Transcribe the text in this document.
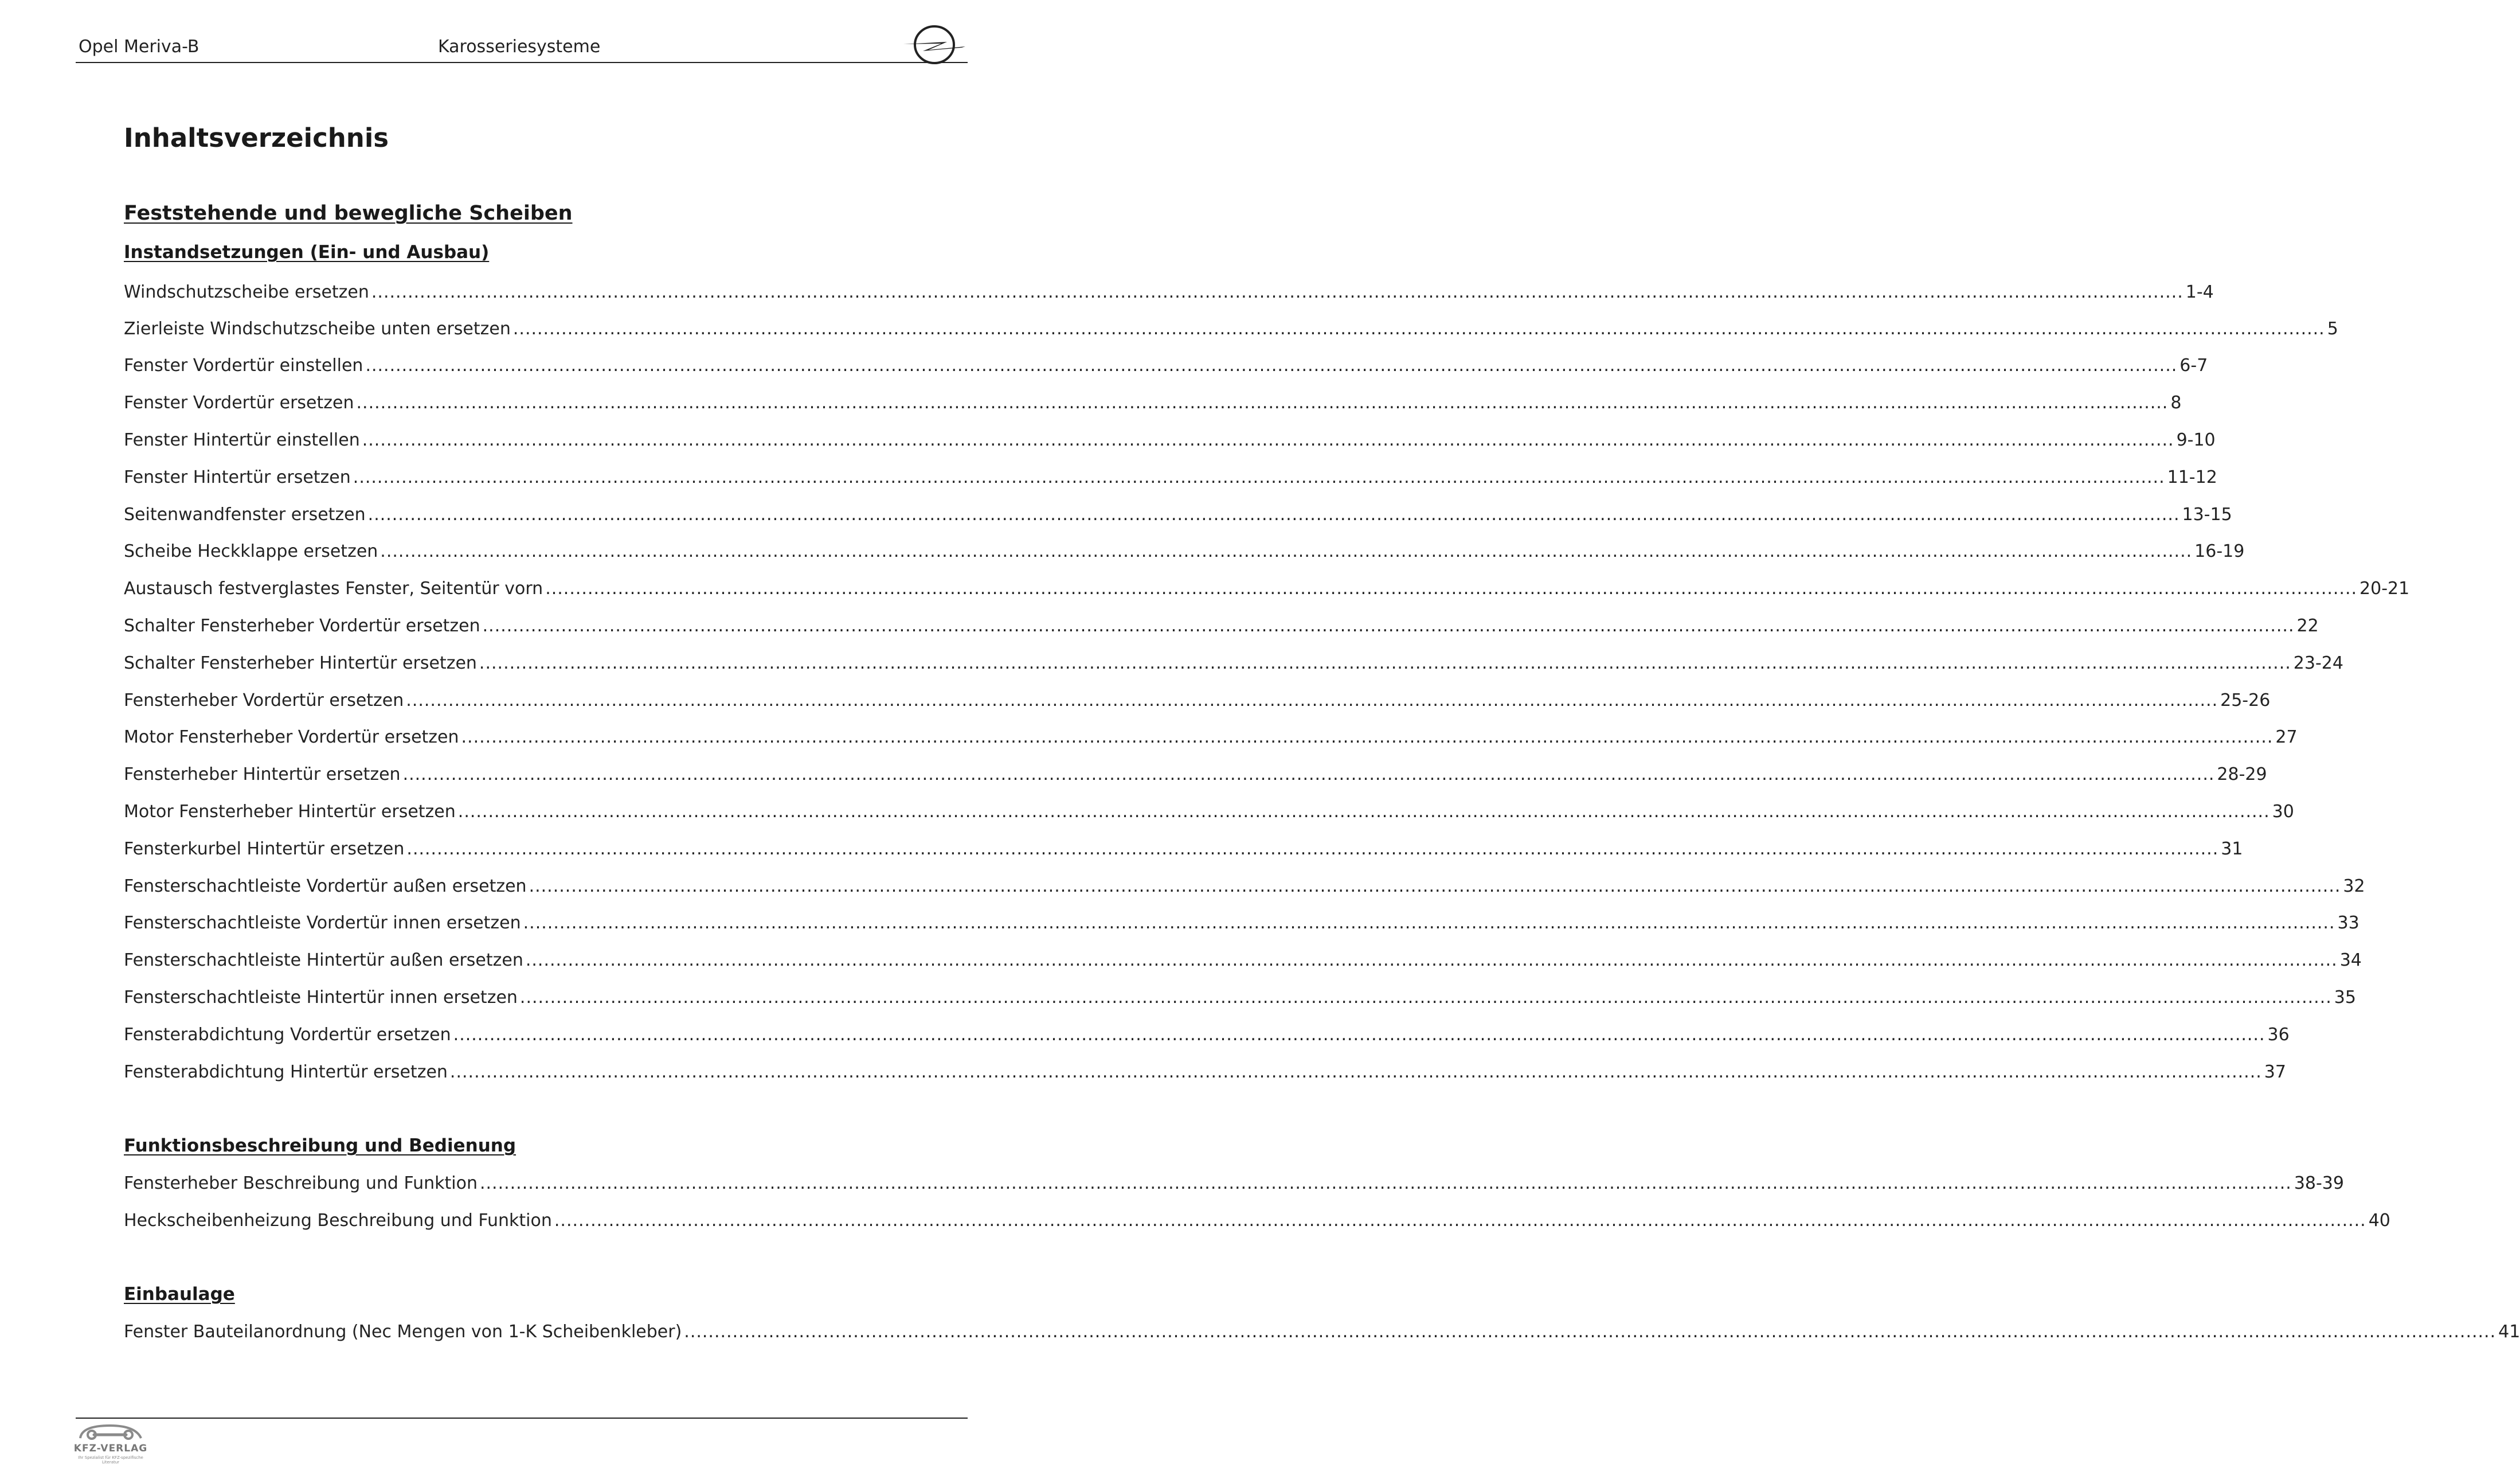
Opel Meriva-B	Karosseriesysteme
Inhaltsverzeichnis
Feststehende und bewegliche Scheiben
Instandsetzungen (Ein- und Ausbau)
Windschutzscheibe ersetzen ............................................................................................................................................................................................................................................................................................................ 1-4
Zierleiste Windschutzscheibe unten ersetzen ............................................................................................................................................................................................................................................................................................................ 5
Fenster Vordertür einstellen ............................................................................................................................................................................................................................................................................................................ 6-7
Fenster Vordertür ersetzen ............................................................................................................................................................................................................................................................................................................ 8
Fenster Hintertür einstellen ............................................................................................................................................................................................................................................................................................................ 9-10
Fenster Hintertür ersetzen ............................................................................................................................................................................................................................................................................................................ 11-12
Seitenwandfenster ersetzen ............................................................................................................................................................................................................................................................................................................ 13-15
Scheibe Heckklappe ersetzen ............................................................................................................................................................................................................................................................................................................ 16-19
Austausch festverglastes Fenster, Seitentür vorn ............................................................................................................................................................................................................................................................................................................ 20-21
Schalter Fensterheber Vordertür ersetzen ............................................................................................................................................................................................................................................................................................................ 22
Schalter Fensterheber Hintertür ersetzen ............................................................................................................................................................................................................................................................................................................ 23-24
Fensterheber Vordertür ersetzen ............................................................................................................................................................................................................................................................................................................ 25-26
Motor Fensterheber Vordertür ersetzen ............................................................................................................................................................................................................................................................................................................ 27
Fensterheber Hintertür ersetzen ............................................................................................................................................................................................................................................................................................................ 28-29
Motor Fensterheber Hintertür ersetzen ............................................................................................................................................................................................................................................................................................................ 30
Fensterkurbel Hintertür ersetzen ............................................................................................................................................................................................................................................................................................................ 31
Fensterschachtleiste Vordertür außen ersetzen ............................................................................................................................................................................................................................................................................................................ 32
Fensterschachtleiste Vordertür innen ersetzen ............................................................................................................................................................................................................................................................................................................ 33
Fensterschachtleiste Hintertür außen ersetzen ............................................................................................................................................................................................................................................................................................................ 34
Fensterschachtleiste Hintertür innen ersetzen ............................................................................................................................................................................................................................................................................................................ 35
Fensterabdichtung Vordertür ersetzen ............................................................................................................................................................................................................................................................................................................ 36
Fensterabdichtung Hintertür ersetzen ............................................................................................................................................................................................................................................................................................................ 37
Funktionsbeschreibung und Bedienung
Fensterheber Beschreibung und Funktion ............................................................................................................................................................................................................................................................................................................ 38-39
Heckscheibenheizung Beschreibung und Funktion ............................................................................................................................................................................................................................................................................................................ 40
Einbaulage
Fenster Bauteilanordnung (Nec Mengen von 1-K Scheibenkleber) ............................................................................................................................................................................................................................................................................................................ 41
KFZ-VERLAG
Ihr Spezialist für KFZ-spezifische Literatur
